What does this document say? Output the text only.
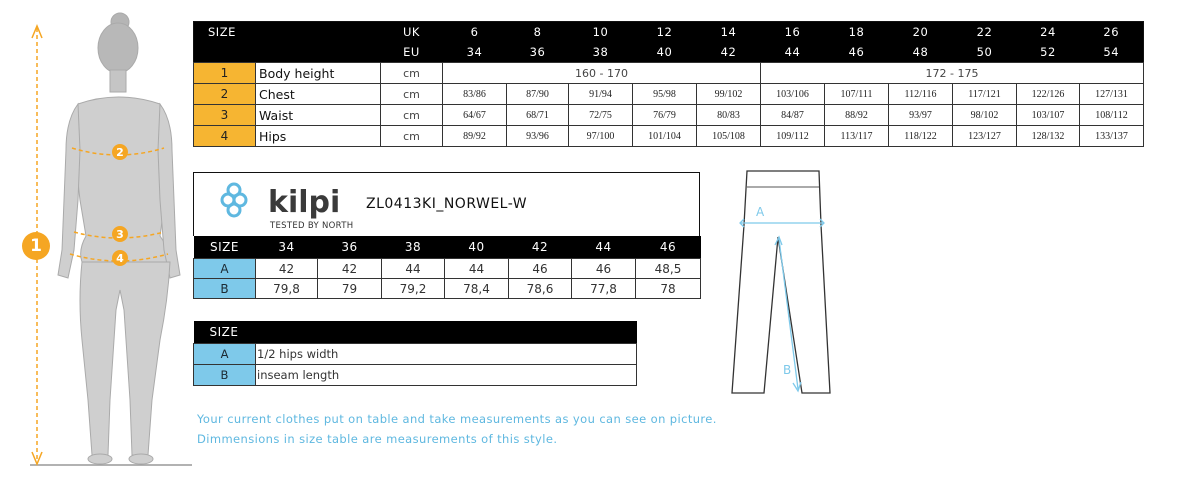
2
3
4
1
SIZE		UK	6	8	10	12	14	16	18	20	22	24	26
		EU	34	36	38	40	42	44	46	48	50	52	54
1	Body height	cm	160 - 170					172 - 175					
2	Chest	cm	83/86	87/90	91/94	95/98	99/102	103/106	107/111	112/116	117/121	122/126	127/131
3	Waist	cm	64/67	68/71	72/75	76/79	80/83	84/87	88/92	93/97	98/102	103/107	108/112
4	Hips	cm	89/92	93/96	97/100	101/104	105/108	109/112	113/117	118/122	123/127	128/132	133/137
kilpi
TESTED BY NORTH
ZL0413KI_NORWEL-W
SIZE	34	36	38	40	42	44	46
A	42	42	44	44	46	46	48,5
B	79,8	79	79,2	78,4	78,6	77,8	78
SIZE	
A	1/2 hips width
B	inseam length
Your current clothes put on table and take measurements as you can see on picture.
Dimmensions in size table are measurements of this style.
A
B
